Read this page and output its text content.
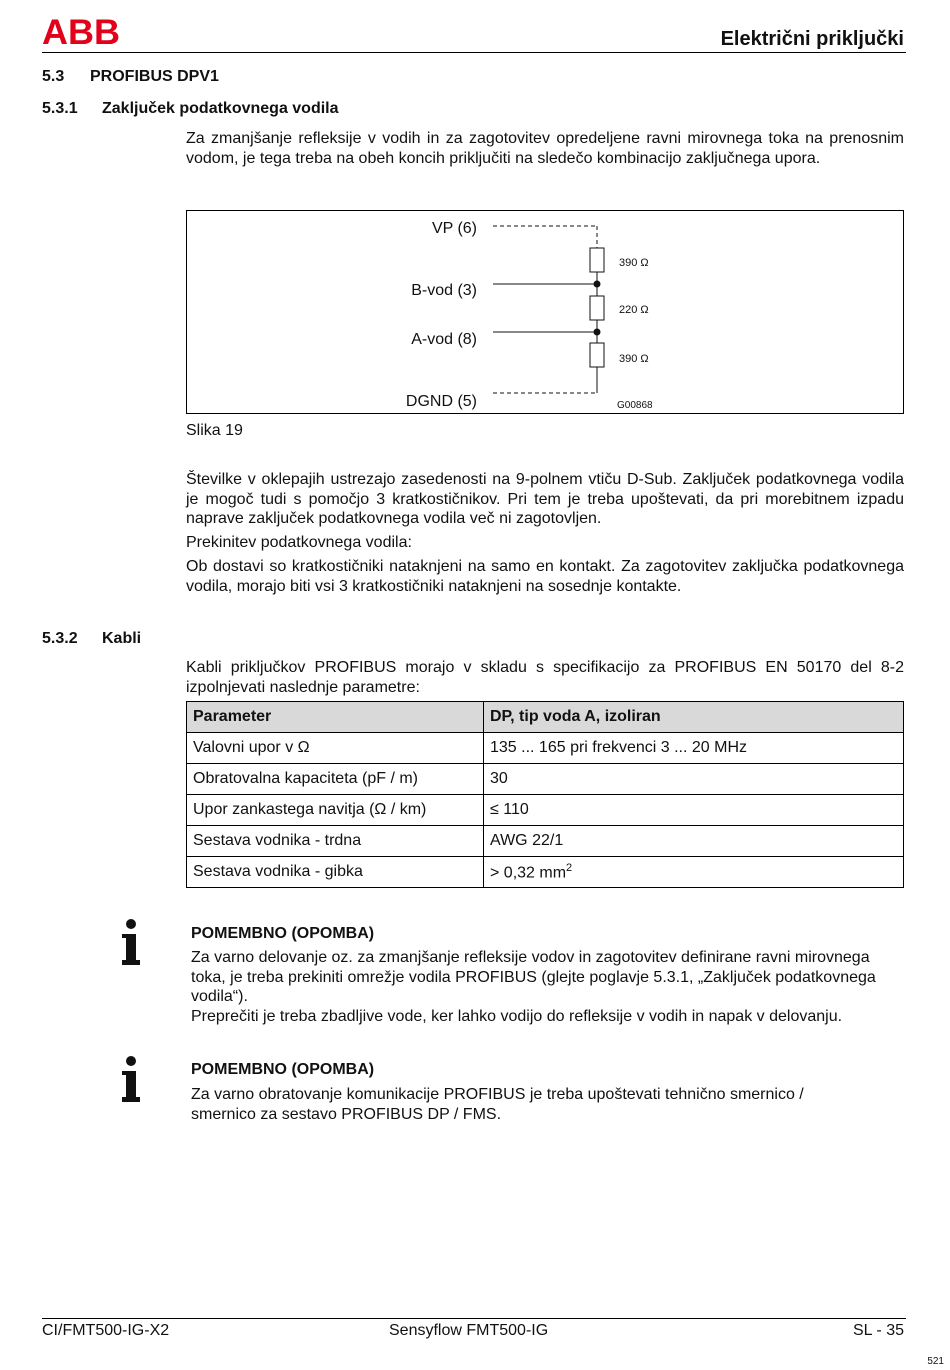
ABB	Električni priključki
5.3 PROFIBUS DPV1
5.3.1 Zaključek podatkovnega vodila
Za zmanjšanje refleksije v vodih in za zagotovitev opredeljene ravni mirovnega toka na prenosnim vodom, je tega treba na obeh koncih priključiti na sledečo kombinacijo zaključnega upora.
VP (6)
B-vod (3)
A-vod (8)
DGND (5)
390 Ω
220 Ω
390 Ω
G00868
Slika 19
Številke v oklepajih ustrezajo zasedenosti na 9-polnem vtiču D-Sub. Zaključek podatkovnega vodila je mogoč tudi s pomočjo 3 kratkostičnikov. Pri tem je treba upoštevati, da pri morebitnem izpadu naprave zaključek podatkovnega vodila več ni zagotovljen.
Prekinitev podatkovnega vodila:
Ob dostavi so kratkostičniki nataknjeni na samo en kontakt. Za zagotovitev zaključka podatkovnega vodila, morajo biti vsi 3 kratkostičniki nataknjeni na sosednje kontakte.
5.3.2 Kabli
Kabli priključkov PROFIBUS morajo v skladu s specifikacijo za PROFIBUS EN 50170 del 8-2 izpolnjevati naslednje parametre:
Parameter	DP, tip voda A, izoliran
Valovni upor v Ω	135 ... 165 pri frekvenci 3 ... 20 MHz
Obratovalna kapaciteta (pF / m)	30
Upor zankastega navitja (Ω / km)	≤ 110
Sestava vodnika - trdna	AWG 22/1
Sestava vodnika - gibka	> 0,32 $mm^2$
POMEMBNO (OPOMBA)
Za varno delovanje oz. za zmanjšanje refleksije vodov in zagotovitev definirane ravni mirovnega toka, je treba prekiniti omrežje vodila PROFIBUS (glejte poglavje 5.3.1, „Zaključek podatkovnega vodila“).
Preprečiti je treba zbadljive vode, ker lahko vodijo do refleksije v vodih in napak v delovanju.
POMEMBNO (OPOMBA)
Za varno obratovanje komunikacije PROFIBUS je treba upoštevati tehnično smernico / smernico za sestavo PROFIBUS DP / FMS.
CI/FMT500-IG-X2	Sensyflow FMT500-IG	SL - 35
521
